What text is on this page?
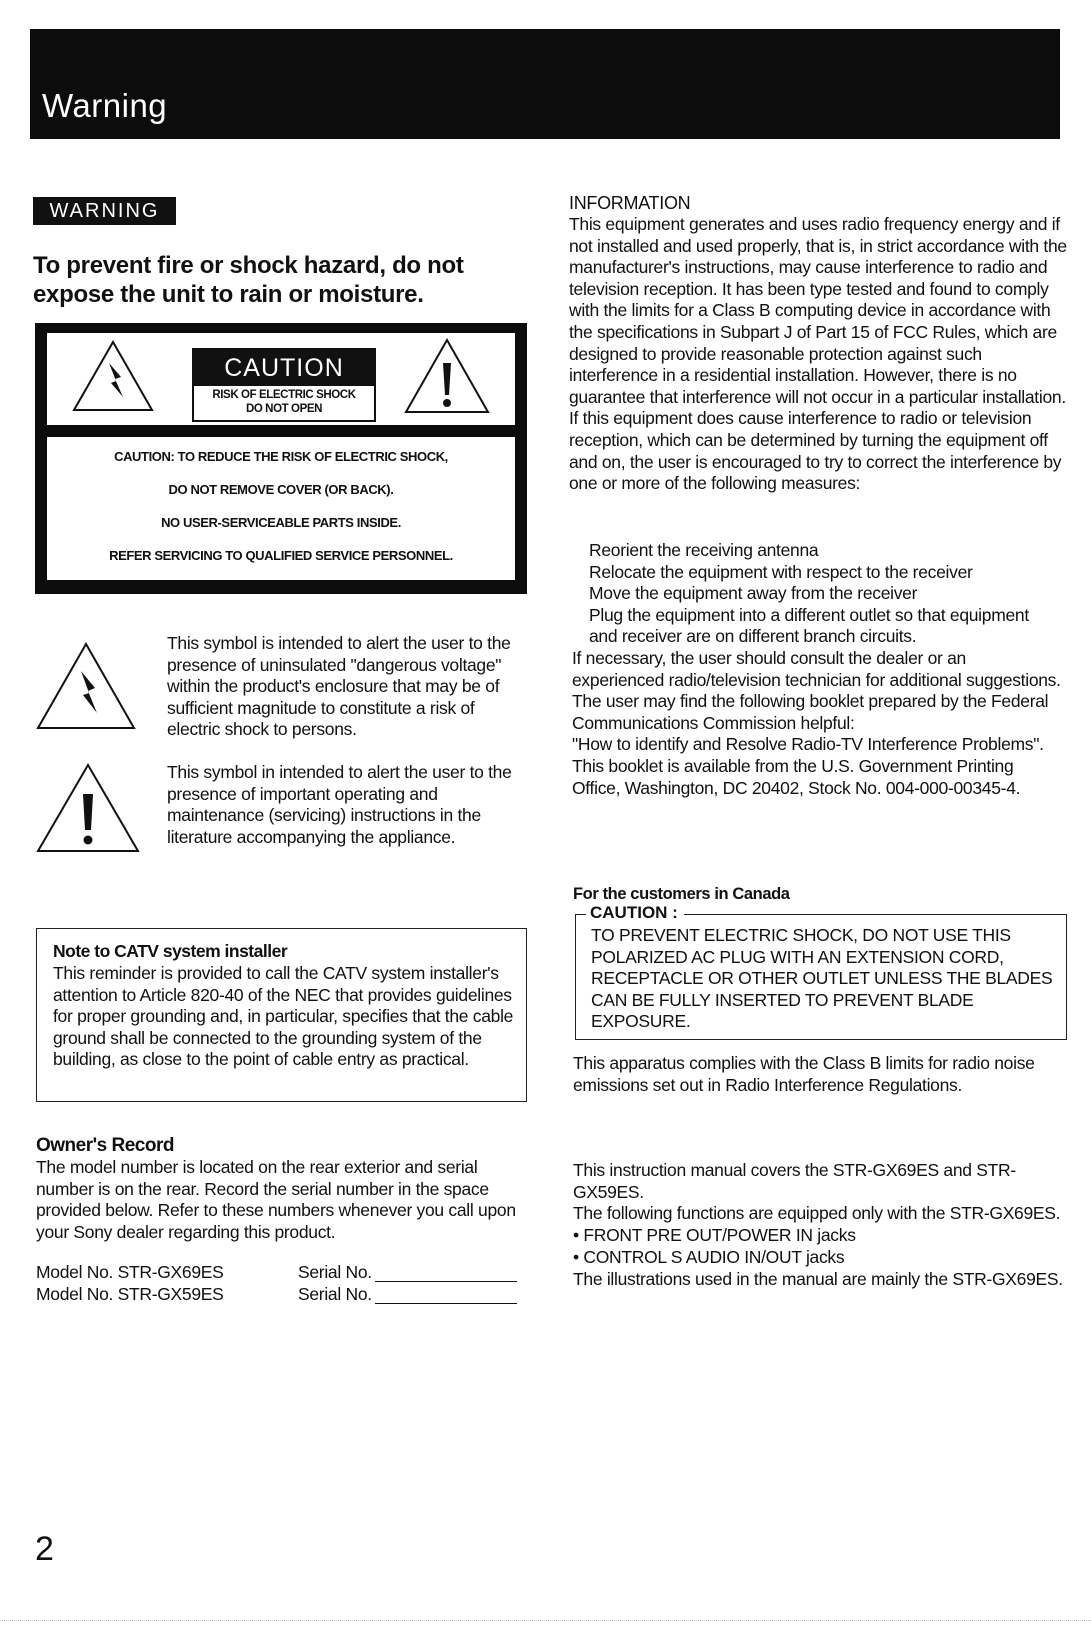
Warning
WARNING
To prevent fire or shock hazard, do not
expose the unit to rain or moisture.
CAUTION
RISK OF ELECTRIC SHOCK
DO NOT OPEN
CAUTION: TO REDUCE THE RISK OF ELECTRIC SHOCK,
DO NOT REMOVE COVER (OR BACK).
NO USER-SERVICEABLE PARTS INSIDE.
REFER SERVICING TO QUALIFIED SERVICE PERSONNEL.
This symbol is intended to alert the user to the presence of uninsulated "dangerous voltage" within the product's enclosure that may be of sufficient magnitude to constitute a risk of electric shock to persons.
This symbol in intended to alert the user to the presence of important operating and maintenance (servicing) instructions in the literature accompanying the appliance.
Note to CATV system installer
This reminder is provided to call the CATV system installer's attention to Article 820-40 of the NEC that provides guidelines for proper grounding and, in particular, specifies that the cable ground shall be connected to the grounding system of the building, as close to the point of cable entry as practical.
Owner's Record
The model number is located on the rear exterior and serial number is on the rear. Record the serial number in the space provided below. Refer to these numbers whenever you call upon your Sony dealer regarding this product.
Model No. STR-GX69ES	Serial No.
Model No. STR-GX59ES	Serial No.
INFORMATION
This equipment generates and uses radio frequency energy and if not installed and used properly, that is, in strict accordance with the manufacturer's instructions, may cause interference to radio and television reception. It has been type tested and found to comply with the limits for a Class B computing device in accordance with the specifications in Subpart J of Part 15 of FCC Rules, which are designed to provide reasonable protection against such interference in a residential installation. However, there is no guarantee that interference will not occur in a particular installation. If this equipment does cause interference to radio or television reception, which can be determined by turning the equipment off and on, the user is encouraged to try to correct the interference by one or more of the following measures:
Reorient the receiving antenna
Relocate the equipment with respect to the receiver
Move the equipment away from the receiver
Plug the equipment into a different outlet so that equipment and receiver are on different branch circuits.
If necessary, the user should consult the dealer or an experienced radio/television technician for additional suggestions. The user may find the following booklet prepared by the Federal Communications Commission helpful:
"How to identify and Resolve Radio-TV Interference Problems". This booklet is available from the U.S. Government Printing Office, Washington, DC 20402, Stock No. 004-000-00345-4.
For the customers in Canada
CAUTION :
TO PREVENT ELECTRIC SHOCK, DO NOT USE THIS POLARIZED AC PLUG WITH AN EXTENSION CORD, RECEPTACLE OR OTHER OUTLET UNLESS THE BLADES CAN BE FULLY INSERTED TO PREVENT BLADE EXPOSURE.
This apparatus complies with the Class B limits for radio noise emissions set out in Radio Interference Regulations.
This instruction manual covers the STR-GX69ES and STR-GX59ES.
The following functions are equipped only with the STR-GX69ES.
• FRONT PRE OUT/POWER IN jacks
• CONTROL S AUDIO IN/OUT jacks
The illustrations used in the manual are mainly the STR-GX69ES.
2
